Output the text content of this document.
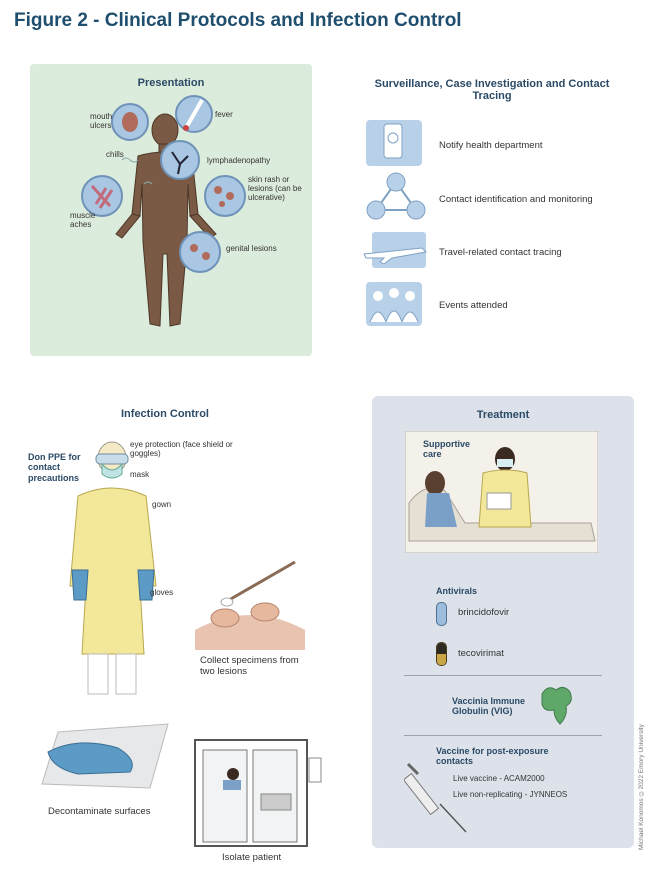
Figure 2 - Clinical Protocols and Infection Control
Presentation
mouth ulcers
fever
chills
lymphadenopathy
skin rash or lesions (can be ulcerative)
muscle aches
genital lesions
Surveillance, Case Investigation and Contact Tracing
Notify health department
Contact identification and monitoring
Travel-related contact tracing
Events attended
Infection Control
Don PPE for contact precautions
eye protection (face shield or goggles)
mask
gown
gloves
Collect specimens from two lesions
Decontaminate surfaces
Isolate patient
Treatment
Supportive care
Antivirals
brincidofovir
tecovirimat
Vaccinia Immune Globulin (VIG)
Vaccine for post-exposure contacts
Live vaccine - ACAM2000
Live non-replicating - JYNNEOS	Michael Konomos ©2022 Emory University
